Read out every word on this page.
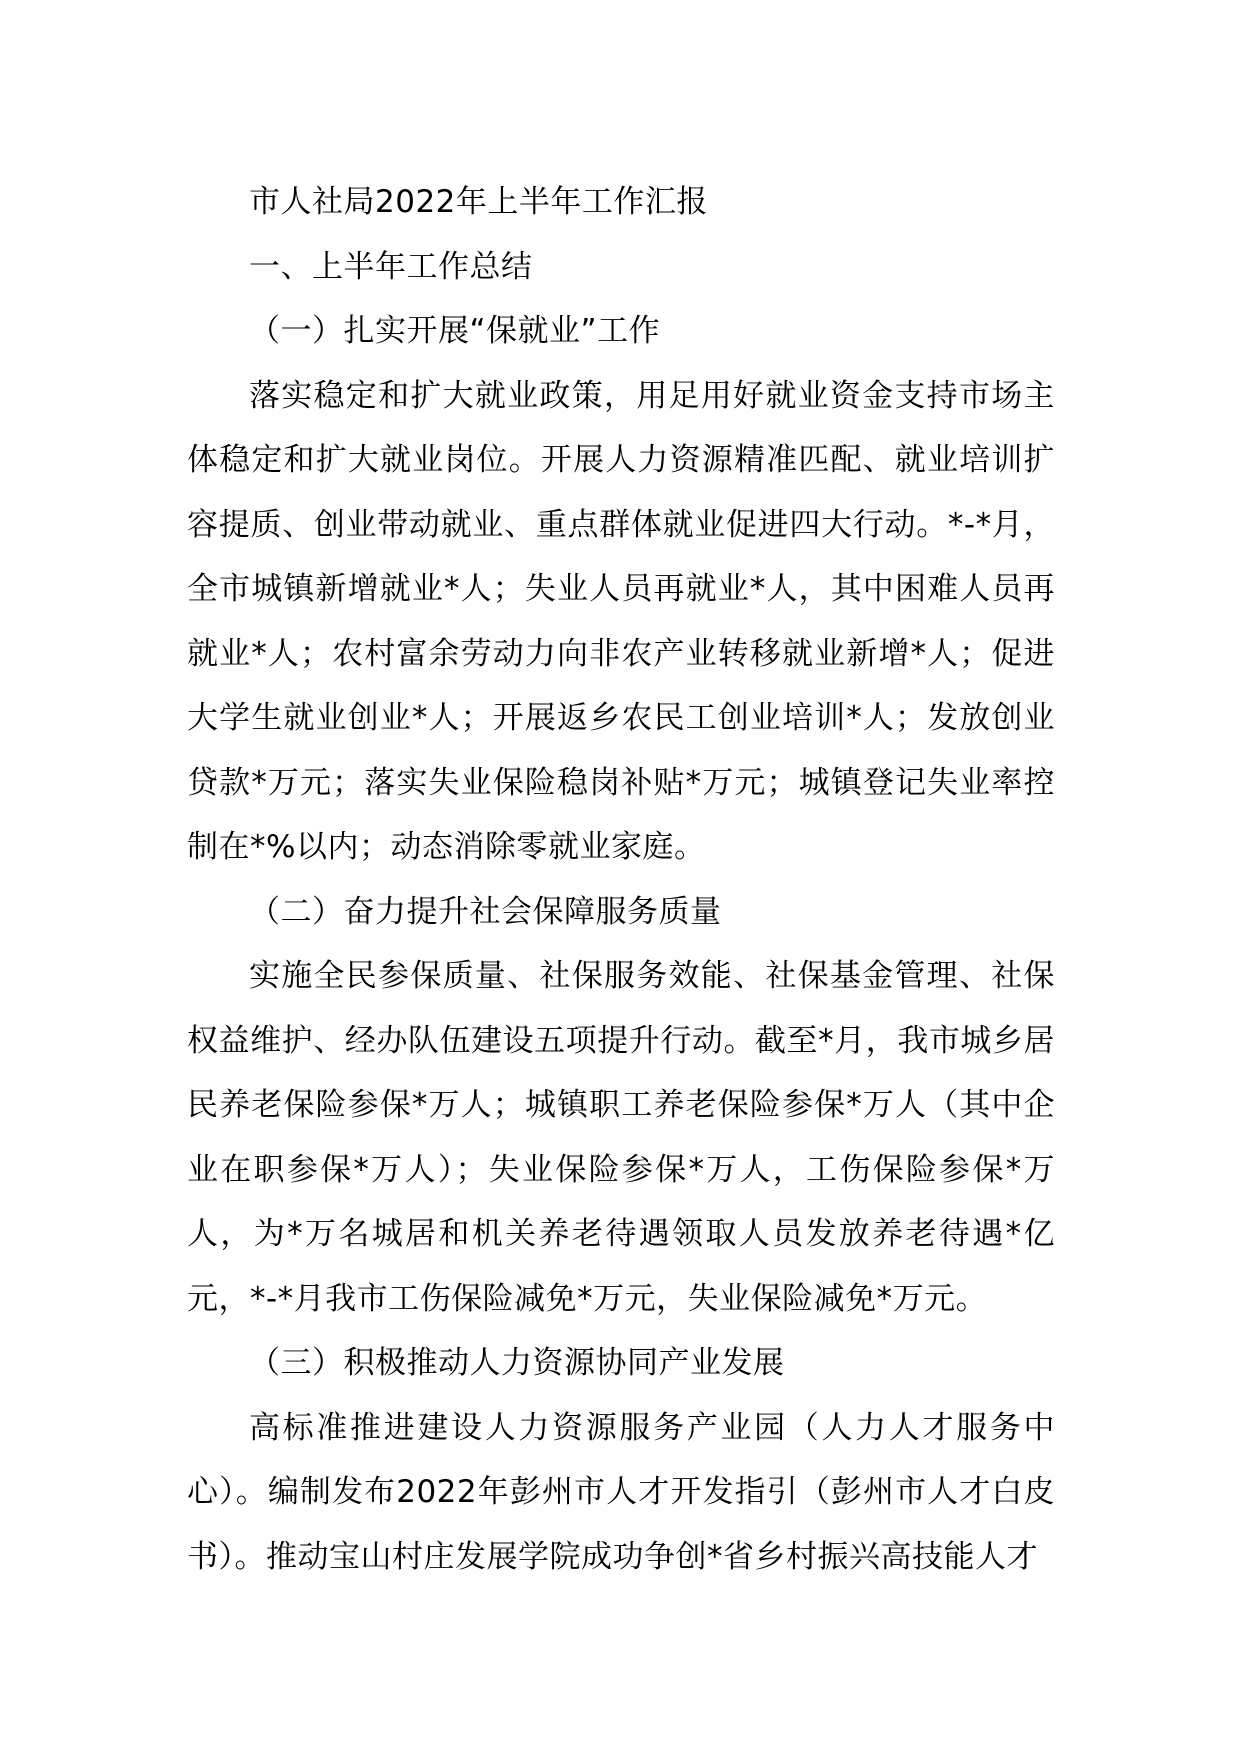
市人社局2022年上半年工作汇报

一、上半年工作总结

（一）扎实开展“保就业”工作

落实稳定和扩大就业政策，用足用好就业资金支持市场主体稳定和扩大就业岗位。开展人力资源精准匹配、就业培训扩容提质、创业带动就业、重点群体就业促进四大行动。*-*月，全市城镇新增就业*人；失业人员再就业*人，其中困难人员再就业*人；农村富余劳动力向非农产业转移就业新增*人；促进大学生就业创业*人；开展返乡农民工创业培训*人；发放创业贷款*万元；落实失业保险稳岗补贴*万元；城镇登记失业率控制在*%以内；动态消除零就业家庭。

（二）奋力提升社会保障服务质量

实施全民参保质量、社保服务效能、社保基金管理、社保权益维护、经办队伍建设五项提升行动。截至*月，我市城乡居民养老保险参保*万人；城镇职工养老保险参保*万人（其中企业在职参保*万人）；失业保险参保*万人，工伤保险参保*万人，为*万名城居和机关养老待遇领取人员发放养老待遇*亿元，*-*月我市工伤保险减免*万元，失业保险减免*万元。

（三）积极推动人力资源协同产业发展

高标准推进建设人力资源服务产业园（人力人才服务中心）。编制发布2022年彭州市人才开发指引（彭州市人才白皮书）。推动宝山村庄发展学院成功争创*省乡村振兴高技能人才
